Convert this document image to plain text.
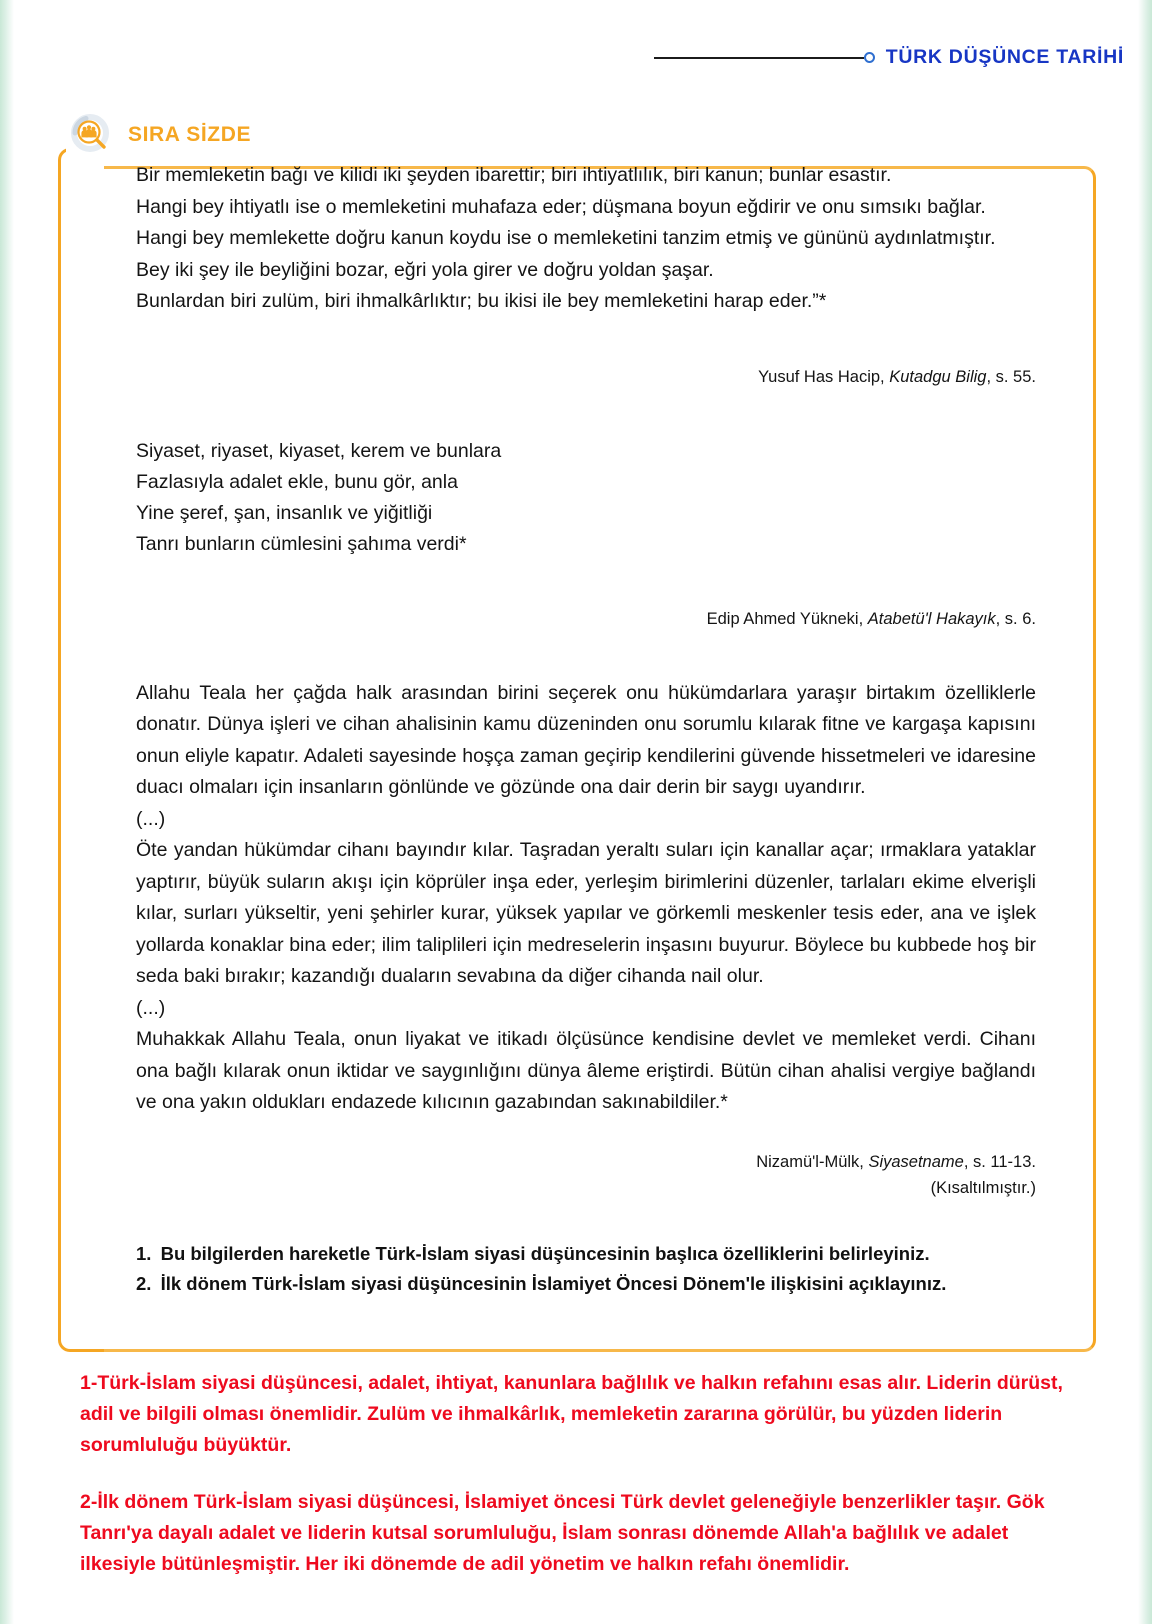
TÜRK DÜŞÜNCE TARİHİ
SIRA SİZDE

Bir memleketin bağı ve kilidi iki şeyden ibarettir; biri ihtiyatlılık, biri kanun; bunlar esastır.

Hangi bey ihtiyatlı ise o memleketini muhafaza eder; düşmana boyun eğdirir ve onu sımsıkı bağlar.

Hangi bey memlekette doğru kanun koydu ise o memleketini tanzim etmiş ve gününü aydınlatmıştır.

Bey iki şey ile beyliğini bozar, eğri yola girer ve doğru yoldan şaşar.

Bunlardan biri zulüm, biri ihmalkârlıktır; bu ikisi ile bey memleketini harap eder.”*

Yusuf Has Hacip, Kutadgu Bilig, s. 55.
Siyaset, riyaset, kiyaset, kerem ve bunlara
Fazlasıyla adalet ekle, bunu gör, anla
Yine şeref, şan, insanlık ve yiğitliği
Tanrı bunların cümlesini şahıma verdi*
Edip Ahmed Yükneki, Atabetü'l Hakayık, s. 6.

Allahu Teala her çağda halk arasından birini seçerek onu hükümdarlara yaraşır birtakım özelliklerle donatır. Dünya işleri ve cihan ahalisinin kamu düzeninden onu sorumlu kılarak fitne ve kargaşa kapısını onun eliyle kapatır. Adaleti sayesinde hoşça zaman geçirip kendilerini güvende hissetmeleri ve idaresine duacı olmaları için insanların gönlünde ve gözünde ona dair derin bir saygı uyandırır.

(...)

Öte yandan hükümdar cihanı bayındır kılar. Taşradan yeraltı suları için kanallar açar; ırmaklara yataklar yaptırır, büyük suların akışı için köprüler inşa eder, yerleşim birimlerini düzenler, tarlaları ekime elverişli kılar, surları yükseltir, yeni şehirler kurar, yüksek yapılar ve görkemli meskenler tesis eder, ana ve işlek yollarda konaklar bina eder; ilim taliplileri için medreselerin inşasını buyurur. Böylece bu kubbede hoş bir seda baki bırakır; kazandığı duaların sevabına da diğer cihanda nail olur.

(...)

Muhakkak Allahu Teala, onun liyakat ve itikadı ölçüsünce kendisine devlet ve memleket verdi. Cihanı ona bağlı kılarak onun iktidar ve saygınlığını dünya âleme eriştirdi. Bütün cihan ahalisi vergiye bağlandı ve ona yakın oldukları endazede kılıcının gazabından sakınabildiler.*

Nizamü'l-Mülk, Siyasetname, s. 11-13.
(Kısaltılmıştır.)
1. Bu bilgilerden hareketle Türk-İslam siyasi düşüncesinin başlıca özelliklerini belirleyiniz.
2. İlk dönem Türk-İslam siyasi düşüncesinin İslamiyet Öncesi Dönem'le ilişkisini açıklayınız.

1-Türk-İslam siyasi düşüncesi, adalet, ihtiyat, kanunlara bağlılık ve halkın refahını esas alır. Liderin dürüst, adil ve bilgili olması önemlidir. Zulüm ve ihmalkârlık, memleketin zararına görülür, bu yüzden liderin sorumluluğu büyüktür.

2-İlk dönem Türk-İslam siyasi düşüncesi, İslamiyet öncesi Türk devlet geleneğiyle benzerlikler taşır. Gök Tanrı'ya dayalı adalet ve liderin kutsal sorumluluğu, İslam sonrası dönemde Allah'a bağlılık ve adalet ilkesiyle bütünleşmiştir. Her iki dönemde de adil yönetim ve halkın refahı önemlidir.
